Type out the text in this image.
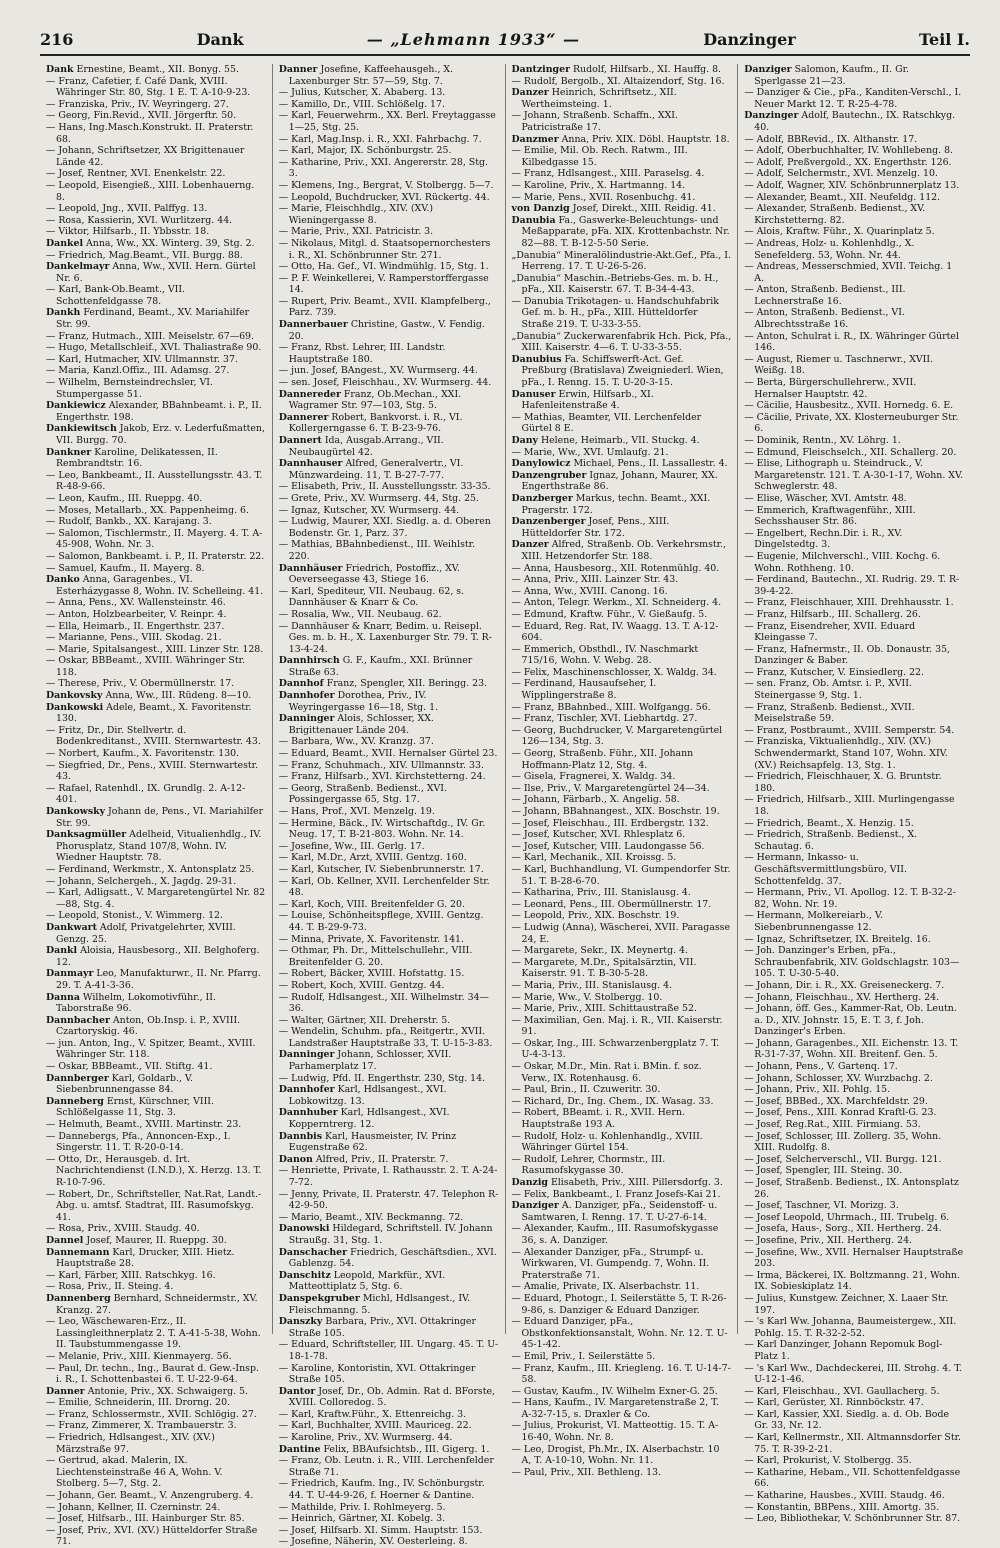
216	Dank	— „Lehmann 1933“ —	Danzinger	Teil I.

Dank Ernestine, Beamt., XII. Bonyg. 55.

— Franz, Cafetier, f. Café Dank, XVIII. Währinger Str. 80, Stg. 1 E. T. A-10-9-23.

— Franziska, Priv., IV. Weyringerg. 27.

— Georg, Fin.Revid., XVII. Jörgerftr. 50.

— Hans, Ing.Masch.Konstrukt. II. Praterstr. 68.

— Johann, Schriftsetzer, XX Brigittenauer Lände 42.

— Josef, Rentner, XVI. Enenkelstr. 22.

— Leopold, Eisengieß., XIII. Lobenhauerng. 8.

— Leopold, Jng., XVII. Palffyg. 13.

— Rosa, Kassierin, XVI. Wurlitzerg. 44.

— Viktor, Hilfsarb., II. Ybbsstr. 18.

Dankel Anna, Ww., XX. Winterg. 39, Stg. 2.

— Friedrich, Mag.Beamt., VII. Burgg. 88.

Dankelmayr Anna, Ww., XVII. Hern. Gürtel Nr. 6.

— Karl, Bank-Ob.Beamt., VII. Schottenfeldgasse 78.

Dankh Ferdinand, Beamt., XV. Mariahilfer Str. 99.

— Franz, Hutmach., XIII. Meiselstr. 67—69.

— Hugo, Metallschleif., XVI. Thaliastraße 90.

— Karl, Hutmacher, XIV. Ullmannstr. 37.

— Maria, Kanzl.Offiz., III. Adamsg. 27.

— Wilhelm, Bernsteindrechsler, VI. Stumpergasse 51.

Dankiewicz Alexander, BBahnbeamt. i. P., II. Engerthstr. 198.

Dankiewitsch Jakob, Erz. v. Lederfußmatten, VII. Burgg. 70.

Dankner Karoline, Delikatessen, II. Rembrandtstr. 16.

— Leo, Bankbeamt., II. Ausstellungsstr. 43. T. R-48-9-66.

— Leon, Kaufm., III. Rueppg. 40.

— Moses, Metallarb., XX. Pappenheimg. 6.

— Rudolf, Bankb., XX. Karajang. 3.

— Salomon, Tischlermstr., II. Mayerg. 4. T. A-45-908, Wohn. Nr. 3.

— Salomon, Bankbeamt. i. P., II. Praterstr. 22.

— Samuel, Kaufm., II. Mayerg. 8.

Danko Anna, Garagenbes., VI. Esterházygasse 8, Wohn. IV. Schelleing. 41.

— Anna, Pens., XV. Wallensteinstr. 46.

— Anton, Holzbearbeiter, V. Reinpr. 4.

— Ella, Heimarb., II. Engerthstr. 237.

— Marianne, Pens., VIII. Skodag. 21.

— Marie, Spitalsangest., XIII. Linzer Str. 128.

— Oskar, BBBeamt., XVIII. Währinger Str. 118.

— Therese, Priv., V. Obermüllnerstr. 17.

Dankovsky Anna, Ww., III. Rüdeng. 8—10.

Dankowski Adele, Beamt., X. Favoritenstr. 130.

— Fritz, Dr., Dir. Stellvertr. d. Bodenkreditanst., XVIII. Sternwartestr. 43.

— Norbert, Kaufm., X. Favoritenstr. 130.

— Siegfried, Dr., Pens., XVIII. Sternwartestr. 43.

— Rafael, Ratenhdl., IX. Grundlg. 2. A-12-401.

Dankowsky Johann de, Pens., VI. Mariahilfer Str. 99.

Danksagmüller Adelheid, Vitualienhdlg., IV. Phorusplatz, Stand 107/8, Wohn. IV. Wiedner Hauptstr. 78.

— Ferdinand, Werkmstr., X. Antonsplatz 25.

— Johann, Selchergeh., X. Jagdg. 29-31.

— Karl, Adligsatt., V. Margaretengürtel Nr. 82—88, Stg. 4.

— Leopold, Stonist., V. Wimmerg. 12.

Dankwart Adolf, Privatgelehrter, XVIII. Genzg. 25.

Dankl Aloisia, Hausbesorg., XII. Belghoferg. 12.

Danmayr Leo, Manufakturwr., II. Nr. Pfarrg. 29. T. A-41-3-36.

Danna Wilhelm, Lokomotivführ., II. Taborstraße 96.

Dannbacher Anton, Ob.Insp. i. P., XVIII. Czartoryskig. 46.

— jun. Anton, Ing., V. Spitzer, Beamt., XVIII. Währinger Str. 118.

— Oskar, BBBeamt., VII. Stiftg. 41.

Dannberger Karl, Goldarb., V. Siebenbrunnengasse 84.

Danneberg Ernst, Kürschner, VIII. Schlößelgasse 11, Stg. 3.

— Helmuth, Beamt., XVIII. Martinstr. 23.

— Dannebergs, Pfa., Annoncen-Exp., I. Singerstr. 11. T. R-20-0-14.

— Otto, Dr., Herausgeb. d. Irt. Nachrichtendienst (I.N.D.), X. Herzg. 13. T. R-10-7-96.

— Robert, Dr., Schriftsteller, Nat.Rat, Landt.-Abg. u. amtsf. Stadtrat, III. Rasumofskyg. 41.

— Rosa, Priv., XVIII. Staudg. 40.

Dannel Josef, Maurer, II. Rueppg. 30.

Dannemann Karl, Drucker, XIII. Hietz. Hauptstraße 28.

— Karl, Färber, XIII. Ratschkyg. 16.

— Rosa, Priv., II. Steing. 4.

Dannenberg Bernhard, Schneidermstr., XV. Kranzg. 27.

— Leo, Wäschewaren-Erz., II. Lassingleithnerplatz 2. T. A-41-5-38, Wohn. II. Taubstummengasse 19.

— Melanie, Priv., XIII. Kienmayerg. 56.

— Paul, Dr. techn., Ing., Baurat d. Gew.-Insp. i. R., I. Schottenbastei 6. T. U-22-9-64.

Danner Antonie, Priv., XX. Schwaigerg. 5.

— Emilie, Schneiderin, III. Drorng. 20.

— Franz, Schlossermstr., XVII. Schlögig. 27.

— Franz, Zimmerer, X. Trambauerstr. 3.

— Friedrich, Hdlsangest., XIV. (XV.) Märzstraße 97.

— Gertrud, akad. Malerin, IX. Liechtensteinstraße 46 A, Wohn. V. Stolberg. 5—7, Stg. 2.

— Johann, Ger. Beamt., V. Anzengruberg. 4.

— Johann, Kellner, II. Czerninstr. 24.

— Josef, Hilfsarb., III. Hainburger Str. 85.

— Josef, Priv., XVI. (XV.) Hütteldorfer Straße 71.

Danner Josefine, Kaffeehausgeh., X. Laxenburger Str. 57—59, Stg. 7.

— Julius, Kutscher, X. Ababerg. 13.

— Kamillo, Dr., VIII. Schlößelg. 17.

— Karl, Feuerwehrm., XX. Berl. Freytaggasse 1—25, Stg. 25.

— Karl, Mag.Insp. i. R., XXI. Fahrbachg. 7.

— Karl, Major, IX. Schönburgstr. 25.

— Katharine, Priv., XXI. Angererstr. 28, Stg. 3.

— Klemens, Ing., Bergrat, V. Stolbergg. 5—7.

— Leopold, Buchdrucker, XVI. Rückertg. 44.

— Marie, Fleischhdlg., XIV. (XV.) Wieningergasse 8.

— Marie, Priv., XXI. Patricistr. 3.

— Nikolaus, Mitgl. d. Staatsopernorchesters i. R., XI. Schönbrunner Str. 271.

— Otto, Ha. Gef., VI. Windmühlg. 15, Stg. 1.

— P. F. Weinkellerei, V. Ramperstorffergasse 14.

— Rupert, Priv. Beamt., XVII. Klampfelberg., Parz. 739.

Dannerbauer Christine, Gastw., V. Fendig. 20.

— Franz, Rbst. Lehrer, III. Landstr. Hauptstraße 180.

— jun. Josef, BAngest., XV. Wurmserg. 44.

— sen. Josef, Fleischhau., XV. Wurmserg. 44.

Dannereder Franz, Ob.Mechan., XXI. Wagramer Str. 97—103, Stg. 5.

Dannerer Robert, Bankvorst. i. R., VI. Kollergerngasse 6. T. B-23-9-76.

Dannert Ida, Ausgab.Arrang., VII. Neubaugürtel 42.

Dannhauser Alfred, Generalvertr., VI. Münzwardeing. 11, T. B-27-7-77.

— Elisabeth, Priv., II. Ausstellungsstr. 33-35.

— Grete, Priv., XV. Wurmserg. 44, Stg. 25.

— Ignaz, Kutscher, XV. Wurmserg. 44.

— Ludwig, Maurer, XXI. Siedlg. a. d. Oberen Bodenstr. Gr. 1, Parz. 37.

— Mathias, BBahnbedienst., III. Weihlstr. 220.

Dannhäuser Friedrich, Postoffiz., XV. Oeverseegasse 43, Stiege 16.

— Karl, Spediteur, VII. Neubaug. 62, s. Dannhäuser & Knarr & Co.

— Rosalia, Ww., VII. Neubaug. 62.

— Dannhäuser & Knarr, Bedim. u. Reisepl. Ges. m. b. H., X. Laxenburger Str. 79. T. R-13-4-24.

Dannhirsch G. F., Kaufm., XXI. Brünner Straße 63.

Dannhof Franz, Spengler, XII. Beringg. 23.

Dannhofer Dorothea, Priv., IV. Weyringergasse 16—18, Stg. 1.

Danninger Alois, Schlosser, XX. Brigittenauer Lände 204.

— Barbara, Ww., XV. Kranzg. 37.

— Eduard, Beamt., XVII. Hernalser Gürtel 23.

— Franz, Schuhmach., XIV. Ullmannstr. 33.

— Franz, Hilfsarb., XVI. Kirchstetterng. 24.

— Georg, Straßenb. Bedienst., XVI. Possingergasse 65, Stg. 17.

— Hans, Prof., XVI. Menzelg. 19.

— Hermine, Bäck., IV. Wirtschaftdg., IV. Gr. Neug. 17, T. B-21-803. Wohn. Nr. 14.

— Josefine, Ww., III. Gerlg. 17.

— Karl, M.Dr., Arzt, XVIII. Gentzg. 160.

— Karl, Kutscher, IV. Siebenbrunnerstr. 17.

— Karl, Ob. Kellner, XVII. Lerchenfelder Str. 48.

— Karl, Koch, VIII. Breitenfelder G. 20.

— Louise, Schönheitspflege, XVIII. Gentzg. 44. T. B-29-9-73.

— Minna, Private, X. Favoritenstr. 141.

— Othmar, Ph. Dr., Mittelschullehr., VIII. Breitenfelder G. 20.

— Robert, Bäcker, XVIII. Hofstattg. 15.

— Robert, Koch, XVIII. Gentzg. 44.

— Rudolf, Hdlsangest., XII. Wilhelmstr. 34—36.

— Walter, Gärtner, XII. Dreherstr. 5.

— Wendelin, Schuhm. pfa., Reitgertr., XVII. Landstraßer Hauptstraße 33, T. U-15-3-83.

Danninger Johann, Schlosser, XVII. Parhamerplatz 17.

— Ludwig, Pfd. II. Engerthstr. 230, Stg. 14.

Dannhofer Karl, Hdlsangest., XVI. Lobkowitzg. 13.

Dannhuber Karl, Hdlsangest., XVI. Kopperntrerg. 12.

Dannbis Karl, Hausmeister, IV. Prinz Eugenstraße 62.

Danon Alfred, Priv., II. Praterstr. 7.

— Henriette, Private, I. Rathausstr. 2. T. A-24-7-72.

— Jenny, Private, II. Praterstr. 47. Telephon R-42-9-50.

— Mario, Beamt., XIV. Beckmanng. 72.

Danowski Hildegard, Schriftstell. IV. Johann Straußg. 31, Stg. 1.

Danschacher Friedrich, Geschäftsdien., XVI. Gablenzg. 54.

Danschitz Leopold, Markfür., XVI. Matteottiplatz 5, Stg. 6.

Danspekgruber Michl, Hdlsangest., IV. Fleischmanng. 5.

Danszky Barbara, Priv., XVI. Ottakringer Straße 105.

— Eduard, Schriftsteller, III. Ungarg. 45. T. U-18-1-78.

— Karoline, Kontoristin, XVI. Ottakringer Straße 105.

Dantor Josef, Dr., Ob. Admin. Rat d. BForste, XVIII. Colloredog. 5.

— Karl, Kraftw.Führ., X. Ettenreichg. 3.

— Karl, Buchhalter, XVIII. Mauriceg. 22.

— Karoline, Priv., XV. Wurmserg. 44.

Dantine Felix, BBAufsichtsb., III. Gigerg. 1.

— Franz, Ob. Leutn. i. R., VIII. Lerchenfelder Straße 71.

— Friedrich, Kaufm. Ing., IV. Schönburgstr. 44. T. U-44-9-26, f. Hoerner & Dantine.

— Mathilde, Priv. I. Rohlmeyerg. 5.

— Heinrich, Gärtner, XI. Kobelg. 3.

— Josef, Hilfsarb. XI. Simm. Hauptstr. 153.

— Josefine, Näherin, XV. Oesterleing. 8.

Dantzinger Rudolf, Hilfsarb., XI. Hauffg. 8.

— Rudolf, Bergolb., XI. Altaizendorf, Stg. 16.

Danzer Heinrich, Schriftsetz., XII. Wertheimsteing. 1.

— Johann, Straßenb. Schaffn., XXI. Patricistraße 17.

Danzmer Anna, Priv. XIX. Döbl. Hauptstr. 18.

— Emilie, Mil. Ob. Rech. Ratwm., III. Kilbedgasse 15.

— Franz, Hdlsangest., XIII. Paraselsg. 4.

— Karoline, Priv., X. Hartmanng. 14.

— Marie, Pens., XVII. Rosenbuchg. 41.

von Danzig Josef, Direkt., XIII. Reidig. 41.

Danubia Fa., Gaswerke-Beleuchtungs- und Meßapparate, pFa. XIX. Krottenbachstr. Nr. 82—88. T. B-12-5-50 Serie.

„Danubia“ Mineralölindustrie-Akt.Gef., Pfa., I. Herreng. 17. T. U-26-5-26.

„Danubia“ Maschin.-Betriebs-Ges. m. b. H., pFa., XII. Kaiserstr. 67. T. B-34-4-43.

— Danubia Trikotagen- u. Handschuhfabrik Gef. m. b. H., pFa., XIII. Hütteldorfer Straße 219. T. U-33-3-55.

„Danubia“ Zuckerwarenfabrik Hch. Pick, Pfa., XIII. Kaiserstr. 4—6. T. U-33-3-55.

Danubius Fa. Schiffswerft-Act. Gef. Preßburg (Bratislava) Zweigniederl. Wien, pFa., I. Renng. 15. T. U-20-3-15.

Danuser Erwin, Hilfsarb., XI. Hafenleitenstraße 4.

— Mathias, Beamter, VII. Lerchenfelder Gürtel 8 E.

Dany Helene, Heimarb., VII. Stuckg. 4.

— Marie, Ww., XVI. Umlaufg. 21.

Danylowicz Michael, Pens., II. Lassallestr. 4.

Danzengruber Ignaz, Johann, Maurer, XX. Engerthstraße 86.

Danzberger Markus, techn. Beamt., XXI. Pragerstr. 172.

Danzenberger Josef, Pens., XIII. Hütteldorfer Str. 172.

Danzer Alfred, Straßenb. Ob. Verkehrsmstr., XIII. Hetzendorfer Str. 188.

— Anna, Hausbesorg., XII. Rotenmühlg. 40.

— Anna, Priv., XIII. Lainzer Str. 43.

— Anna, Ww., XVIII. Canong. 16.

— Anton, Telegr. Werkm., XI. Schneiderg. 4.

— Edmund, Kraftw. Führ., V. Gießaufg. 5.

— Eduard, Reg. Rat, IV. Waagg. 13. T. A-12-604.

— Emmerich, Obsthdl., IV. Naschmarkt 715/16, Wohn. V. Webg. 28.

— Felix, Maschinenschlosser, X. Waldg. 34.

— Ferdinand, Hausaufseher, I. Wipplingerstraße 8.

— Franz, BBahnbed., XIII. Wolfgangg. 56.

— Franz, Tischler, XVI. Liebhartdg. 27.

— Georg, Buchdrucker, V. Margaretengürtel 126—134, Stg. 3.

— Georg, Straßenb. Führ., XII. Johann Hoffmann-Platz 12, Stg. 4.

— Gisela, Fragnerei, X. Waldg. 34.

— Ilse, Priv., V. Margaretengürtel 24—34.

— Johann, Färbarb., X. Angelig. 58.

— Johann, BBahnangest., XIX. Boschstr. 19.

— Josef, Fleischhau., III. Erdbergstr. 132.

— Josef, Kutscher, XVI. Rhlesplatz 6.

— Josef, Kutscher, VIII. Laudongasse 56.

— Karl, Mechanik., XII. Kroissg. 5.

— Karl, Buchhandlung, VI. Gumpendorfer Str. 51. T. B-28-6-70.

— Katharina, Priv., III. Stanislausg. 4.

— Leonard, Pens., III. Obermüllnerstr. 17.

— Leopold, Priv., XIX. Boschstr. 19.

— Ludwig (Anna), Wäscherei, XVII. Paragasse 24, E.

— Margarete, Sekr., IX. Meynertg. 4.

— Margarete, M.Dr., Spitalsärztin, VII. Kaiserstr. 91. T. B-30-5-28.

— Maria, Priv., III. Stanislausg. 4.

— Marie, Ww., V. Stolbergg. 10.

— Marie, Priv., XIII. Schittaustraße 52.

— Maximilian, Gen. Maj. i. R., VII. Kaiserstr. 91.

— Oskar, Ing., III. Schwarzenbergplatz 7. T. U-4-3-13.

— Oskar, M.Dr., Min. Rat i. BMin. f. soz. Verw., IX. Rotenhausg. 6.

— Paul, Brin., II. Czuweritr. 30.

— Richard, Dr., Ing. Chem., IX. Wasag. 33.

— Robert, BBeamt. i. R., XVII. Hern. Hauptstraße 193 A.

— Rudolf, Holz- u. Kohlenhandlg., XVIII. Währinger Gürtel 154.

— Rudolf, Lehrer, Chormstr., III. Rasumofskygasse 30.

Danzig Elisabeth, Priv., XIII. Pillersdorfg. 3.

— Felix, Bankbeamt., I. Franz Josefs-Kai 21.

Danziger A. Danziger, pFa., Seidenstoff- u. Samtwaren, I. Renng. 17. T. U-27-6-14.

— Alexander, Kaufm., III. Rasumofskygasse 36, s. A. Danziger.

— Alexander Danziger, pFa., Strumpf- u. Wirkwaren, VI. Gumpendg. 7, Wohn. II. Praterstraße 71.

— Amalie, Private, IX. Alserbachstr. 11.

— Eduard, Photogr., I. Seilerstätte 5, T. R-26-9-86, s. Danziger & Eduard Danziger.

— Eduard Danziger, pFa., Obstkonfektionsanstalt, Wohn. Nr. 12. T. U-45-1-42.

— Emil, Priv., I. Seilerstätte 5.

— Franz, Kaufm., III. Kriegleng. 16. T. U-14-7-58.

— Gustav, Kaufm., IV. Wilhelm Exner-G. 25.

— Hans, Kaufm., IV. Margaretenstraße 2, T. A-32-7-15, s. Draxler & Co.

— Julius, Prokurist, VI. Matteottig. 15. T. A-16-40, Wohn. Nr. 8.

— Leo, Drogist, Ph.Mr., IX. Alserbachstr. 10 A, T. A-10-10, Wohn. Nr. 11.

— Paul, Priv., XII. Bethleng. 13.

Danziger Salomon, Kaufm., II. Gr. Sperlgasse 21—23.

— Danziger & Cie., pFa., Kanditen-Verschl., I. Neuer Markt 12. T. R-25-4-78.

Danzinger Adolf, Bautechn., IX. Ratschkyg. 40.

— Adolf, BBRevid., IX. Althanstr. 17.

— Adolf, Oberbuchhalter, IV. Wohllebeng. 8.

— Adolf, Preßvergold., XX. Engerthstr. 126.

— Adolf, Selchermstr., XVI. Menzelg. 10.

— Adolf, Wagner, XIV. Schönbrunnerplatz 13.

— Alexander, Beamt., XII. Neufeldg. 112.

— Alexander, Straßenb. Bedienst., XV. Kirchstetterng. 82.

— Alois, Kraftw. Führ., X. Quarinplatz 5.

— Andreas, Holz- u. Kohlenhdlg., X. Senefelderg. 53, Wohn. Nr. 44.

— Andreas, Messerschmied, XVII. Teichg. 1 A.

— Anton, Straßenb. Bedienst., III. Lechnerstraße 16.

— Anton, Straßenb. Bedienst., VI. Albrechtsstraße 16.

— Anton, Schulrat i. R., IX. Währinger Gürtel 146.

— August, Riemer u. Taschnerwr., XVII. Weißg. 18.

— Berta, Bürgerschullehrerw., XVII. Hernalser Hauptstr. 42.

— Cäcilie, Hausbesitz., XVII. Hornedg. 6. E.

— Cäcilie, Private, XX. Klosterneuburger Str. 6.

— Dominik, Rentn., XV. Löhrg. 1.

— Edmund, Fleischselch., XII. Schallerg. 20.

— Elise, Lithograph u. Steindruck., V. Margaretenstr. 121. T. A-30-1-17, Wohn. XV. Schweglerstr. 48.

— Elise, Wäscher, XVI. Amtstr. 48.

— Emmerich, Kraftwagenführ., XIII. Sechsshauser Str. 86.

— Engelbert, Rechn.Dir. i. R., XV. Dingelstedtg. 3.

— Eugenie, Milchverschl., VIII. Kochg. 6. Wohn. Rothheng. 10.

— Ferdinand, Bautechn., XI. Rudrig. 29. T. R-39-4-22.

— Franz, Fleischhauer, XIII. Drehhausstr. 1.

— Franz, Hilfsarb., III. Schallerg. 26.

— Franz, Eisendreher, XVII. Eduard Kleingasse 7.

— Franz, Hafnermstr., II. Ob. Donaustr. 35, Danzinger & Baber.

— Franz, Kutscher, V. Einsiedlerg. 22.

— sen. Franz, Ob. Amtsr. i. P., XVII. Steinergasse 9, Stg. 1.

— Franz, Straßenb. Bedienst., XVII. Meiselstraße 59.

— Franz, Postbraumt., XVIII. Semperstr. 54.

— Franziska, Viktualienhdlg., XIV. (XV.) Schwendermarkt, Stand 107, Wohn. XIV. (XV.) Reichsapfelg. 13, Stg. 1.

— Friedrich, Fleischhauer, X. G. Bruntstr. 180.

— Friedrich, Hilfsarb., XIII. Murlingengasse 18.

— Friedrich, Beamt., X. Henzig. 15.

— Friedrich, Straßenb. Bedienst., X. Schautag. 6.

— Hermann, Inkasso- u. Geschäftsvermittlungsbüro, VII. Schottenfeldg. 37.

— Hermann, Priv., VI. Apollog. 12. T. B-32-2-82, Wohn. Nr. 19.

— Hermann, Molkereiarb., V. Siebenbrunnengasse 12.

— Ignaz, Schriftsetzer, IX. Breitelg. 16.

— Joh. Danzinger's Erben, pFa., Schraubenfabrik, XIV. Goldschlagstr. 103—105. T. U-30-5-40.

— Johann, Dir. i. R., XX. Greiseneckerg. 7.

— Johann, Fleischhau., XV. Hertherg. 24.

— Johann, öff. Ges., Kammer-Rat, Ob. Leutn. a. D., XIV. Johnstr. 15, E. T. 3, f. Joh. Danzinger's Erben.

— Johann, Garagenbes., XII. Eichenstr. 13. T. R-31-7-37, Wohn. XII. Breitenf. Gen. 5.

— Johann, Pens., V. Gartenq. 17.

— Johann, Schlosser, XV. Wurzbachg. 2.

— Johann, Priv., XII. Pohlg. 15.

— Josef, BBBed., XX. Marchfeldstr. 29.

— Josef, Pens., XIII. Konrad Kraftl-G. 23.

— Josef, Reg.Rat., XIII. Firmiang. 53.

— Josef, Schlosser, III. Zollerg. 35, Wohn. XIII. Rudolfg. 8.

— Josef, Selcherverschl., VII. Burgg. 121.

— Josef, Spengler, III. Steing. 30.

— Josef, Straßenb. Bedienst., IX. Antonsplatz 26.

— Josef, Taschner, VI. Morizg. 3.

— Josef Leopold, Uhrmach., III. Trubelg. 6.

— Josefa, Haus-, Sorg., XII. Hertherg. 24.

— Josefine, Priv., XII. Hertherg. 24.

— Josefine, Ww., XVII. Hernalser Hauptstraße 203.

— Irma, Bäckerei, IX. Boltzmanng. 21, Wohn. IX. Sobieskiplatz 14.

— Julius, Kunstgew. Zeichner, X. Laaer Str. 197.

— 's Karl Ww. Johanna, Baumeistergew., XII. Pohlg. 15. T. R-32-2-52.

— Karl Danzinger, Johann Repomuk Bogl-Platz 1.

— 's Karl Ww., Dachdeckerei, III. Strohg. 4. T. U-12-1-46.

— Karl, Fleischhau., XVI. Gaullacherg. 5.

— Karl, Gerüster, XI. Rinnböckstr. 47.

— Karl, Kassier, XXI. Siedlg. a. d. Ob. Bode Gr. 33, Nr. 12.

— Karl, Kellnermstr., XII. Altmannsdorfer Str. 75. T. R-39-2-21.

— Karl, Prokurist, V. Stolbergg. 35.

— Katharine, Hebam., VII. Schottenfeldgasse 66.

— Katharine, Hausbes., XVIII. Staudg. 46.

— Konstantin, BBPens., XIII. Amortg. 35.

— Leo, Bibliothekar, V. Schönbrunner Str. 87.
